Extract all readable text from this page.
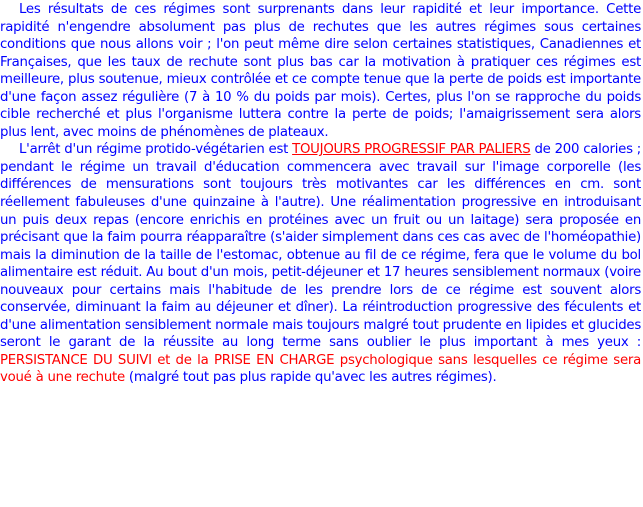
Les résultats de ces régimes sont surprenants dans leur rapidité et leur importance. Cette rapidité n'engendre absolument pas plus de rechutes que les autres régimes sous certaines conditions que nous allons voir ; l'on peut même dire selon certaines statistiques, Canadiennes et Françaises, que les taux de rechute sont plus bas car la motivation à pratiquer ces régimes est meilleure, plus soutenue, mieux contrôlée et ce compte tenue que la perte de poids est importante d'une façon assez régulière (7 à 10 % du poids par mois). Certes, plus l'on se rapproche du poids cible recherché et plus l'organisme luttera contre la perte de poids; l'amaigrissement sera alors plus lent, avec moins de phénomènes de plateaux.

L'arrêt d'un régime protido-végétarien est TOUJOURS PROGRESSIF PAR PALIERS de 200 calories ; pendant le régime un travail d'éducation commencera avec travail sur l'image corporelle (les différences de mensurations sont toujours très motivantes car les différences en cm. sont réellement fabuleuses d'une quinzaine à l'autre). Une réalimentation progressive en introduisant un puis deux repas (encore enrichis en protéines avec un fruit ou un laitage) sera proposée en précisant que la faim pourra réapparaître (s'aider simplement dans ces cas avec de l'homéopathie) mais la diminution de la taille de l'estomac, obtenue au fil de ce régime, fera que le volume du bol alimentaire est réduit. Au bout d'un mois, petit-déjeuner et 17 heures sensiblement normaux (voire nouveaux pour certains mais l'habitude de les prendre lors de ce régime est souvent alors conservée, diminuant la faim au déjeuner et dîner). La réintroduction progressive des féculents et d'une alimentation sensiblement normale mais toujours malgré tout prudente en lipides et glucides seront le garant de la réussite au long terme sans oublier le plus important à mes yeux : PERSISTANCE DU SUIVI et de la PRISE EN CHARGE psychologique sans lesquelles ce régime sera voué à une rechute (malgré tout pas plus rapide qu'avec les autres régimes).
